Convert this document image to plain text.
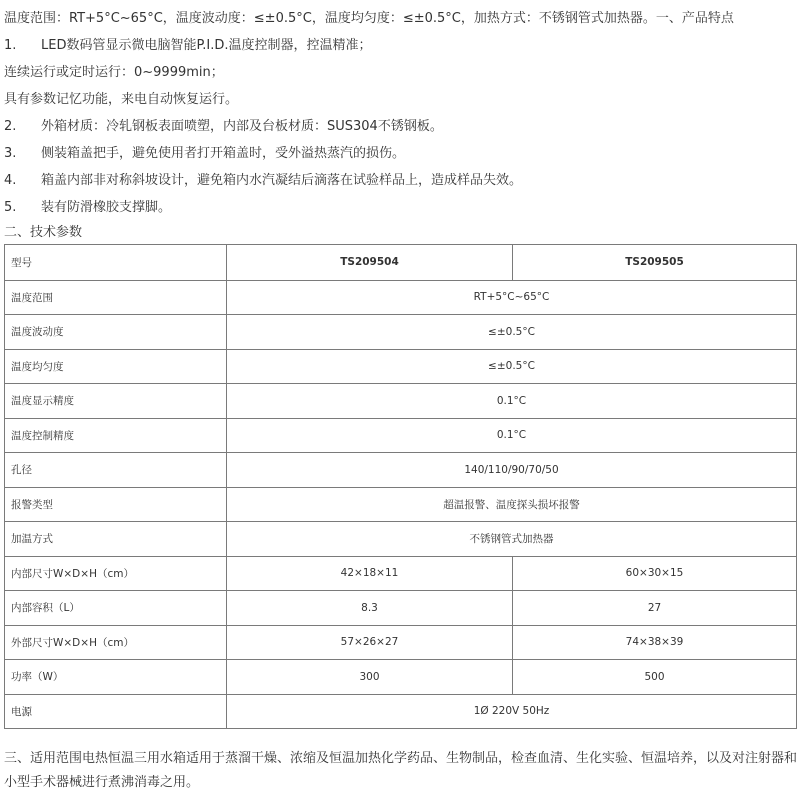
温度范围：RT+5°C~65°C，温度波动度：≤±0.5°C，温度均匀度：≤±0.5°C，加热方式：不锈钢管式加热器。一、产品特点
1. LED数码管显示微电脑智能P.I.D.温度控制器，控温精准；
连续运行或定时运行：0~9999min；
具有参数记忆功能，来电自动恢复运行。
2. 外箱材质：冷轧钢板表面喷塑，内部及台板材质：SUS304不锈钢板。
3. 侧装箱盖把手，避免使用者打开箱盖时，受外溢热蒸汽的损伤。
4. 箱盖内部非对称斜坡设计，避免箱内水汽凝结后滴落在试验样品上，造成样品失效。
5. 装有防滑橡胶支撑脚。
二、技术参数
型号	TS209504	TS209505
温度范围	RT+5°C~65°C	
温度波动度	≤±0.5°C	
温度均匀度	≤±0.5°C	
温度显示精度	0.1°C	
温度控制精度	0.1°C	
孔径	140/110/90/70/50	
报警类型	超温报警、温度探头损坏报警	
加温方式	不锈钢管式加热器	
内部尺寸W×D×H（cm）	42×18×11	60×30×15
内部容积（L）	8.3	27
外部尺寸W×D×H（cm）	57×26×27	74×38×39
功率（W）	300	500
电源	1Ø 220V 50Hz	
三、适用范围电热恒温三用水箱适用于蒸溜干燥、浓缩及恒温加热化学药品、生物制品，检查血清、生化实验、恒温培养，以及对注射器和小型手术器械进行煮沸消毒之用。
